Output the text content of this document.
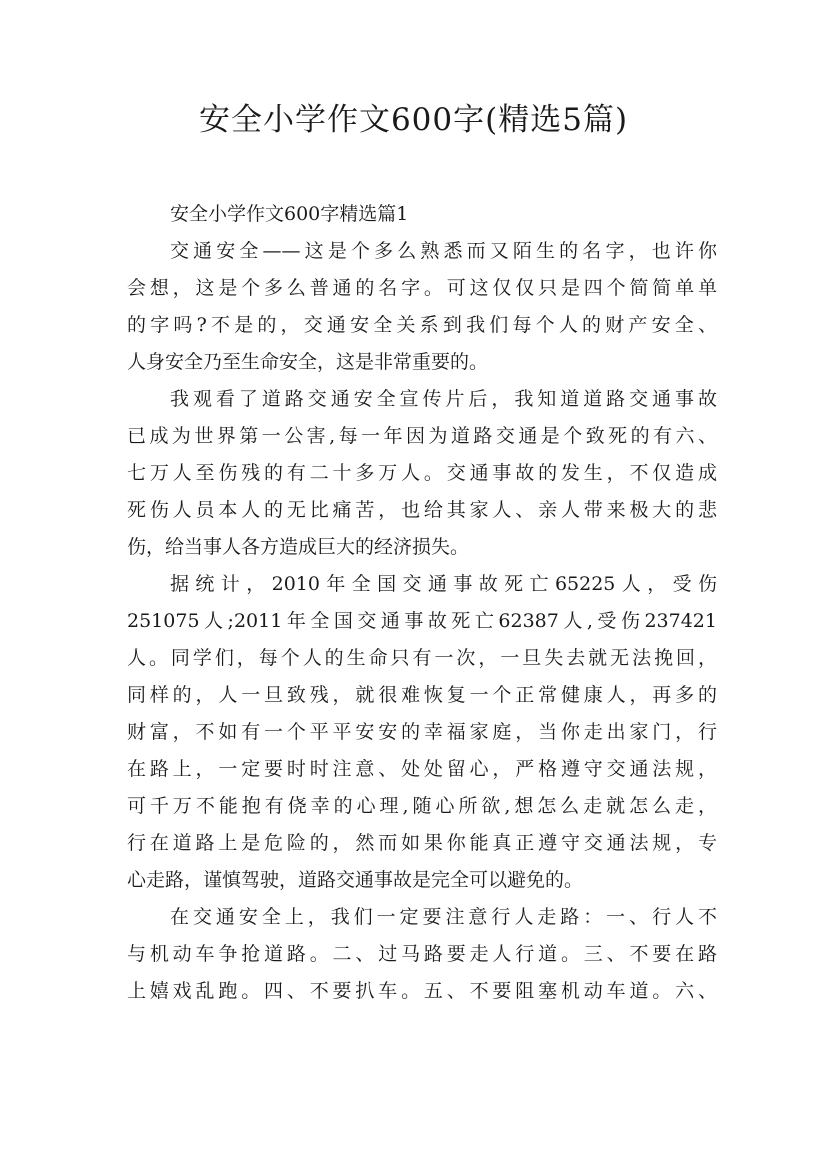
安全小学作文600字(精选5篇)

安全小学作文600字精选篇1

交通安全——这是个多么熟悉而又陌生的名字，也许你
会想，这是个多么普通的名字。可这仅仅只是四个简简单单
的字吗?不是的，交通安全关系到我们每个人的财产安全、
人身安全乃至生命安全，这是非常重要的。

我观看了道路交通安全宣传片后，我知道道路交通事故
已成为世界第一公害,每一年因为道路交通是个致死的有六、
七万人至伤残的有二十多万人。交通事故的发生，不仅造成
死伤人员本人的无比痛苦，也给其家人、亲人带来极大的悲
伤，给当事人各方造成巨大的经济损失。

据统计，2010年全国交通事故死亡65225人，受伤
251075人;2011年全国交通事故死亡62387人,受伤237421
人。同学们，每个人的生命只有一次，一旦失去就无法挽回，
同样的，人一旦致残，就很难恢复一个正常健康人，再多的
财富，不如有一个平平安安的幸福家庭，当你走出家门，行
在路上，一定要时时注意、处处留心，严格遵守交通法规，
可千万不能抱有侥幸的心理,随心所欲,想怎么走就怎么走，
行在道路上是危险的，然而如果你能真正遵守交通法规，专
心走路，谨慎驾驶，道路交通事故是完全可以避免的。

在交通安全上，我们一定要注意行人走路：一、行人不
与机动车争抢道路。二、过马路要走人行道。三、不要在路
上嬉戏乱跑。四、不要扒车。五、不要阻塞机动车道。六、
